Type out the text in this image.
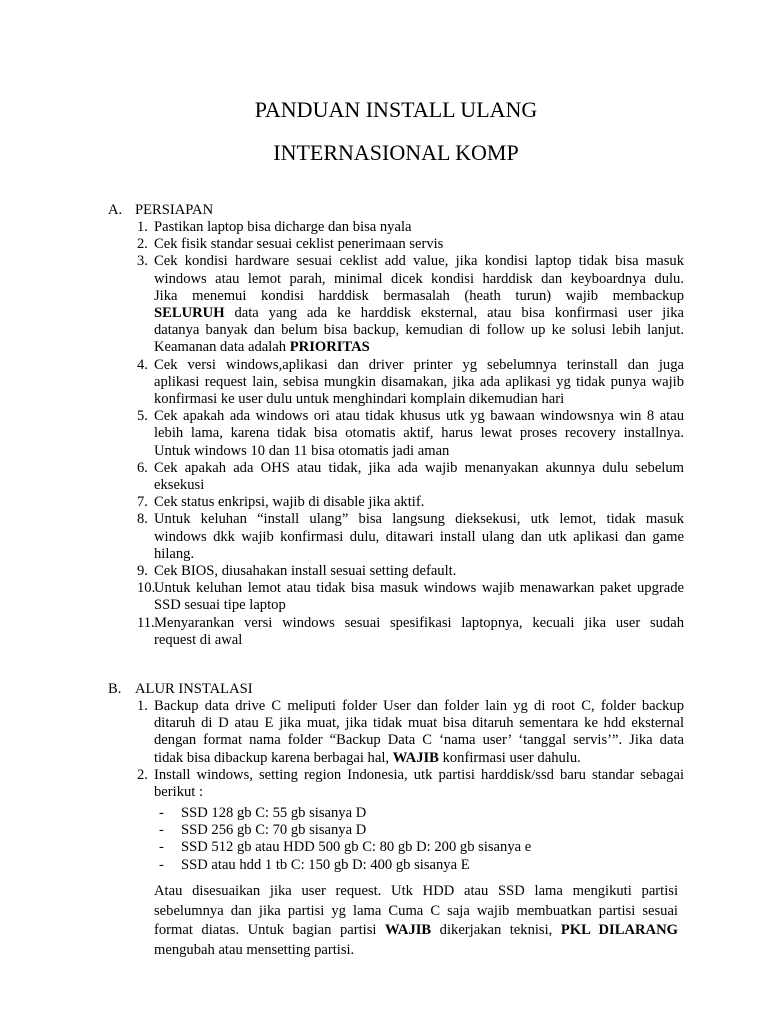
PANDUAN INSTALL ULANG
INTERNASIONAL KOMP
A. PERSIAPAN
1. Pastikan laptop bisa dicharge dan bisa nyala
2. Cek fisik standar sesuai ceklist penerimaan servis
3. Cek kondisi hardware sesuai ceklist add value, jika kondisi laptop tidak bisa masuk
windows atau lemot parah, minimal dicek kondisi harddisk dan keyboardnya dulu.
Jika menemui kondisi harddisk bermasalah (heath turun) wajib membackup
SELURUH data yang ada ke harddisk eksternal, atau bisa konfirmasi user jika
datanya banyak dan belum bisa backup, kemudian di follow up ke solusi lebih lanjut.
Keamanan data adalah PRIORITAS
4. Cek versi windows,aplikasi dan driver printer yg sebelumnya terinstall dan juga
aplikasi request lain, sebisa mungkin disamakan, jika ada aplikasi yg tidak punya wajib
konfirmasi ke user dulu untuk menghindari komplain dikemudian hari
5. Cek apakah ada windows ori atau tidak khusus utk yg bawaan windowsnya win 8 atau
lebih lama, karena tidak bisa otomatis aktif, harus lewat proses recovery installnya.
Untuk windows 10 dan 11 bisa otomatis jadi aman
6. Cek apakah ada OHS atau tidak, jika ada wajib menanyakan akunnya dulu sebelum
eksekusi
7. Cek status enkripsi, wajib di disable jika aktif.
8. Untuk keluhan “install ulang” bisa langsung dieksekusi, utk lemot, tidak masuk
windows dkk wajib konfirmasi dulu, ditawari install ulang dan utk aplikasi dan game
hilang.
9. Cek BIOS, diusahakan install sesuai setting default.
10.
Untuk keluhan lemot atau tidak bisa masuk windows wajib menawarkan paket upgrade
SSD sesuai tipe laptop
11. Menyarankan versi windows sesuai spesifikasi laptopnya, kecuali jika user sudah
request di awal
B. ALUR INSTALASI
1. Backup data drive C meliputi folder User dan folder lain yg di root C, folder backup
ditaruh di D atau E jika muat, jika tidak muat bisa ditaruh sementara ke hdd eksternal
dengan format nama folder “Backup Data C ‘nama user’ ‘tanggal servis’”. Jika data
tidak bisa dibackup karena berbagai hal, WAJIB konfirmasi user dahulu.
2. Install windows, setting region Indonesia, utk partisi harddisk/ssd baru standar sebagai
berikut :
-	SSD 128 gb C: 55 gb sisanya D
-	SSD 256 gb C: 70 gb sisanya D
-	SSD 512 gb atau HDD 500 gb C: 80 gb D: 200 gb sisanya e
-	SSD atau hdd 1 tb C: 150 gb D: 400 gb sisanya E
Atau disesuaikan jika user request. Utk HDD atau SSD lama mengikuti partisi
sebelumnya dan jika partisi yg lama Cuma C saja wajib membuatkan partisi sesuai
format diatas. Untuk bagian partisi WAJIB dikerjakan teknisi, PKL DILARANG
mengubah atau mensetting partisi.
